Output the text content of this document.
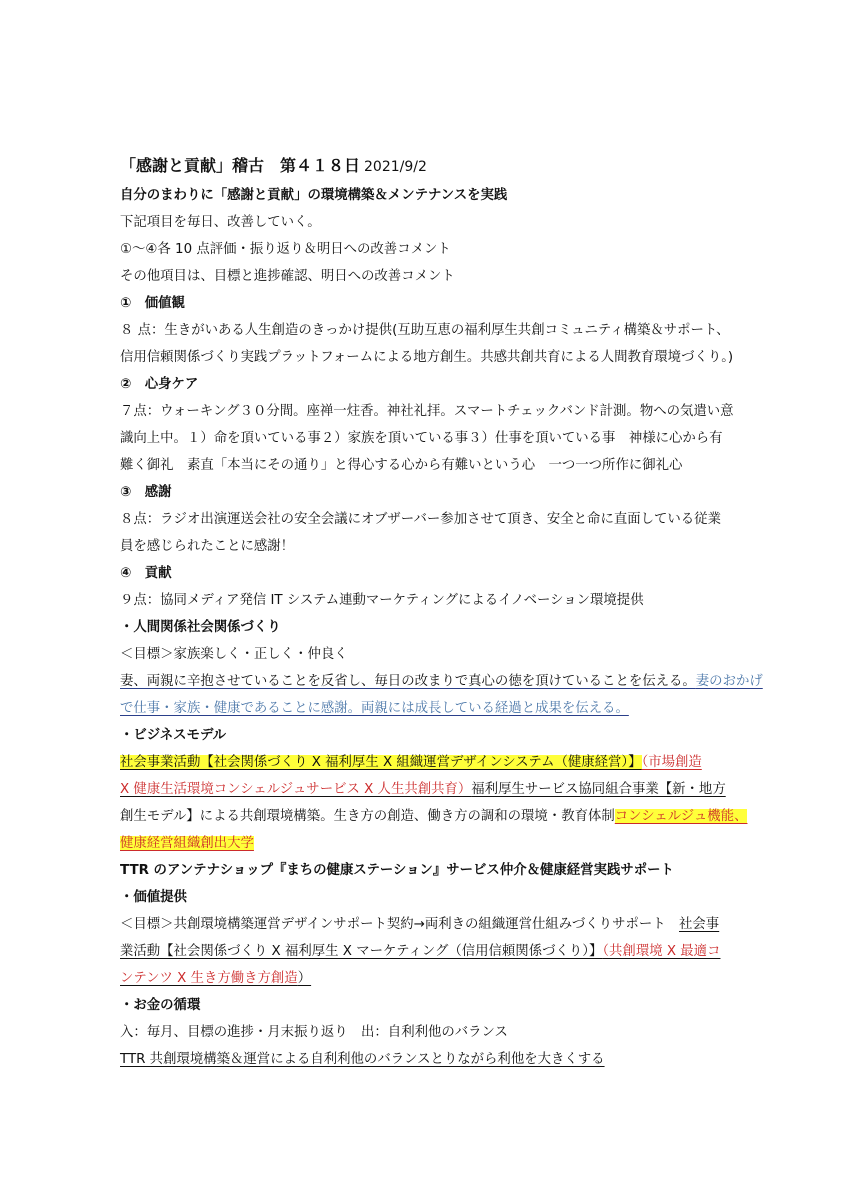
「感謝と貢献」稽古　第４１８日 2021/9/2
自分のまわりに「感謝と貢献」の環境構築＆メンテナンスを実践
下記項目を毎日、改善していく。
①～④各 10 点評価・振り返り＆明日への改善コメント
その他項目は、目標と進捗確認、明日への改善コメント
①　価値観
８ 点：生きがいある人生創造のきっかけ提供(互助互恵の福利厚生共創コミュニティ構築＆サポート、
信用信頼関係づくり実践プラットフォームによる地方創生。共感共創共育による人間教育環境づくり。)
②　心身ケア
７点：ウォーキング３０分間。座禅一炷香。神社礼拝。スマートチェックバンド計測。物への気遣い意
識向上中。１）命を頂いている事２）家族を頂いている事３）仕事を頂いている事　神様に心から有
難く御礼　素直「本当にその通り」と得心する心から有難いという心　一つ一つ所作に御礼心
③　感謝
８点：ラジオ出演運送会社の安全会議にオブザーバー参加させて頂き、安全と命に直面している従業
員を感じられたことに感謝！
④　貢献
９点：協同メディア発信 IT システム連動マーケティングによるイノベーション環境提供
・人間関係社会関係づくり
＜目標＞家族楽しく・正しく・仲良く
妻、両親に辛抱させていることを反省し、毎日の改まりで真心の徳を頂けていることを伝える。妻のおかげ
で仕事・家族・健康であることに感謝。両親には成長している経過と成果を伝える。
・ビジネスモデル
社会事業活動【社会関係づくり X 福利厚生 X 組織運営デザインシステム（健康経営）】（市場創造
X 健康生活環境コンシェルジュサービス X 人生共創共育）福利厚生サービス協同組合事業【新・地方
創生モデル】による共創環境構築。生き方の創造、働き方の調和の環境・教育体制コンシェルジュ機能、
健康経営組織創出大学
TTR のアンテナショップ『まちの健康ステーション』サービス仲介＆健康経営実践サポート
・価値提供
＜目標＞共創環境構築運営デザインサポート契約→両利きの組織運営仕組みづくりサポート　社会事
業活動【社会関係づくり X 福利厚生 X マーケティング（信用信頼関係づくり）】（共創環境 X 最適コ
ンテンツ X 生き方働き方創造）
・お金の循環
入：毎月、目標の進捗・月末振り返り　出：自利利他のバランス
TTR 共創環境構築＆運営による自利利他のバランスとりながら利他を大きくする
